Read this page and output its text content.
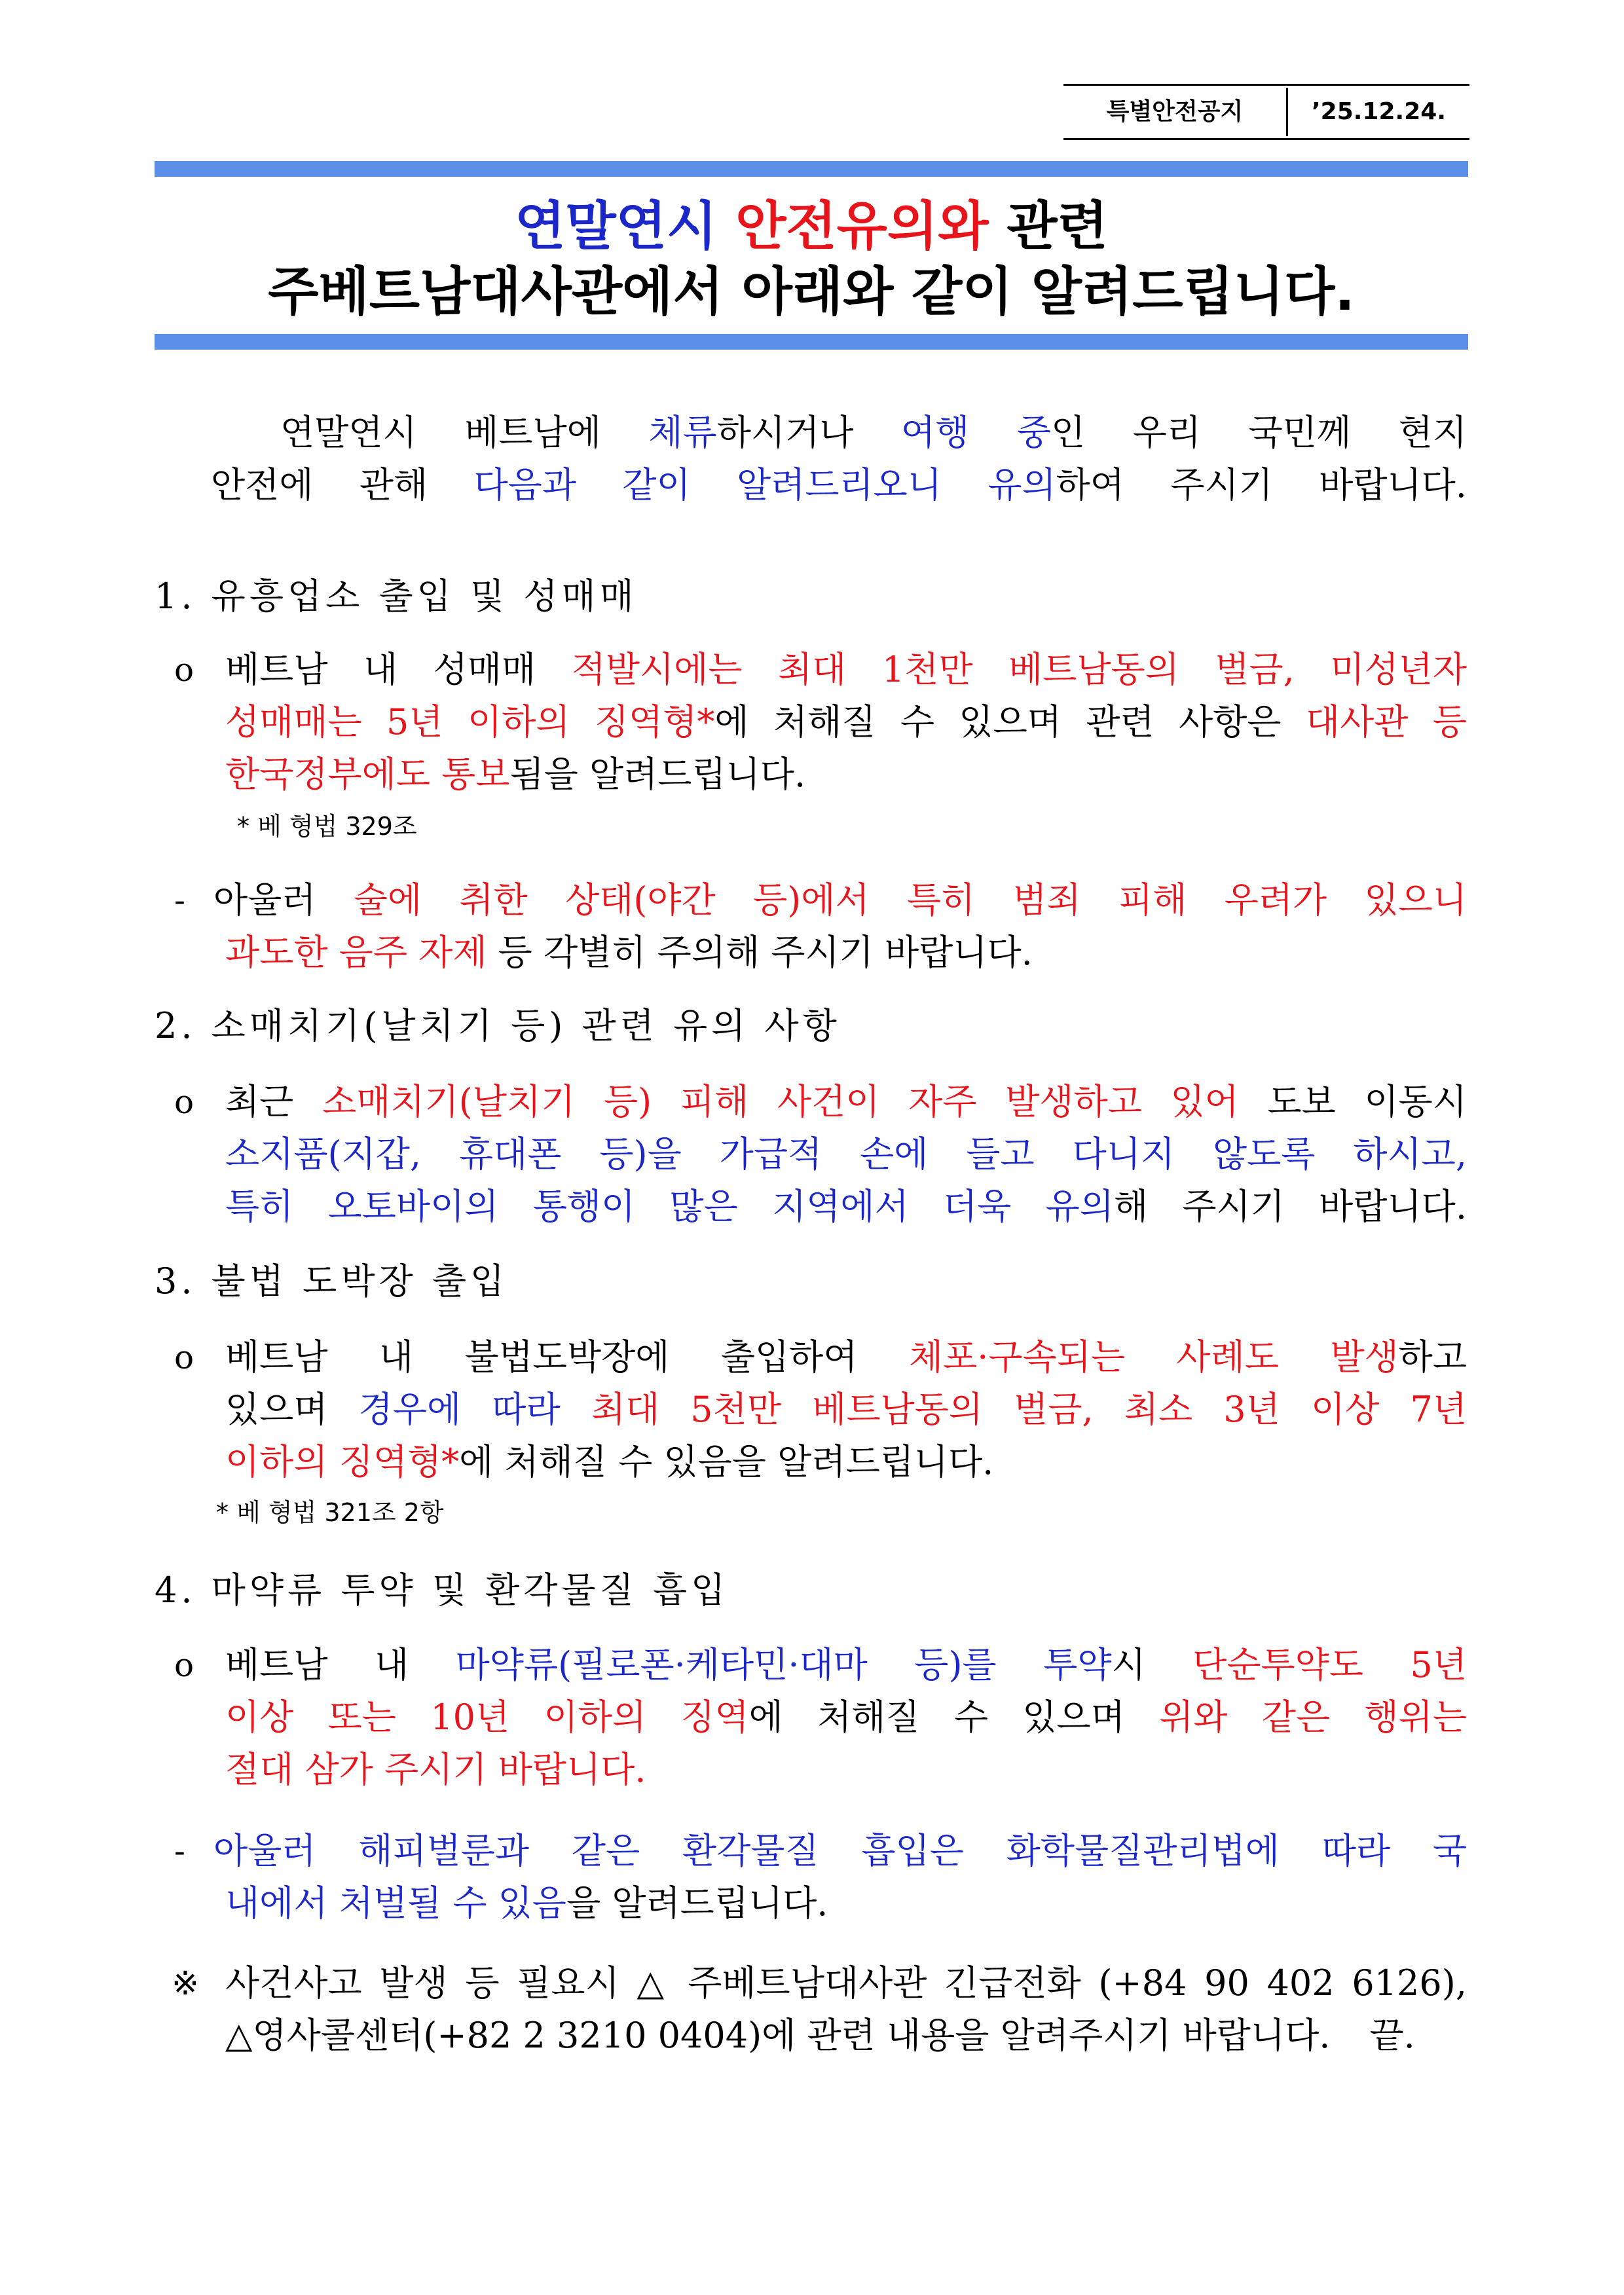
특별안전공지	’25.12.24.
연말연시 안전유의와 관련
주베트남대사관에서 아래와 같이 알려드립니다.
연말연시 베트남에 체류하시거나 여행 중인 우리 국민께 현지
안전에 관해 다음과 같이 알려드리오니 유의하여 주시기 바랍니다.
1. 유흥업소 출입 및 성매매
o 베트남 내 성매매 적발시에는 최대 1천만 베트남동의 벌금, 미성년자
성매매는 5년 이하의 징역형*에 처해질 수 있으며 관련 사항은 대사관 등
한국정부에도 통보됨을 알려드립니다.
* 베 형법 329조
- 아울러 술에 취한 상태(야간 등)에서 특히 범죄 피해 우려가 있으니
과도한 음주 자제 등 각별히 주의해 주시기 바랍니다.
2. 소매치기(날치기 등) 관련 유의 사항
o 최근 소매치기(날치기 등) 피해 사건이 자주 발생하고 있어 도보 이동시
소지품(지갑, 휴대폰 등)을 가급적 손에 들고 다니지 않도록 하시고,
특히 오토바이의 통행이 많은 지역에서 더욱 유의해 주시기 바랍니다.
3. 불법 도박장 출입
o 베트남 내 불법도박장에 출입하여 체포·구속되는 사례도 발생하고
있으며 경우에 따라 최대 5천만 베트남동의 벌금, 최소 3년 이상 7년
이하의 징역형*에 처해질 수 있음을 알려드립니다.
* 베 형법 321조 2항
4. 마약류 투약 및 환각물질 흡입
o 베트남 내 마약류(필로폰·케타민·대마 등)를 투약시 단순투약도 5년
이상 또는 10년 이하의 징역에 처해질 수 있으며 위와 같은 행위는
절대 삼가 주시기 바랍니다.
- 아울러 해피벌룬과 같은 환각물질 흡입은 화학물질관리법에 따라 국
내에서 처벌될 수 있음을 알려드립니다.
※ 사건사고 발생 등 필요시 △ 주베트남대사관 긴급전화 (+84 90 402 6126),
△영사콜센터(+82 2 3210 0404)에 관련 내용을 알려주시기 바랍니다. 끝.
